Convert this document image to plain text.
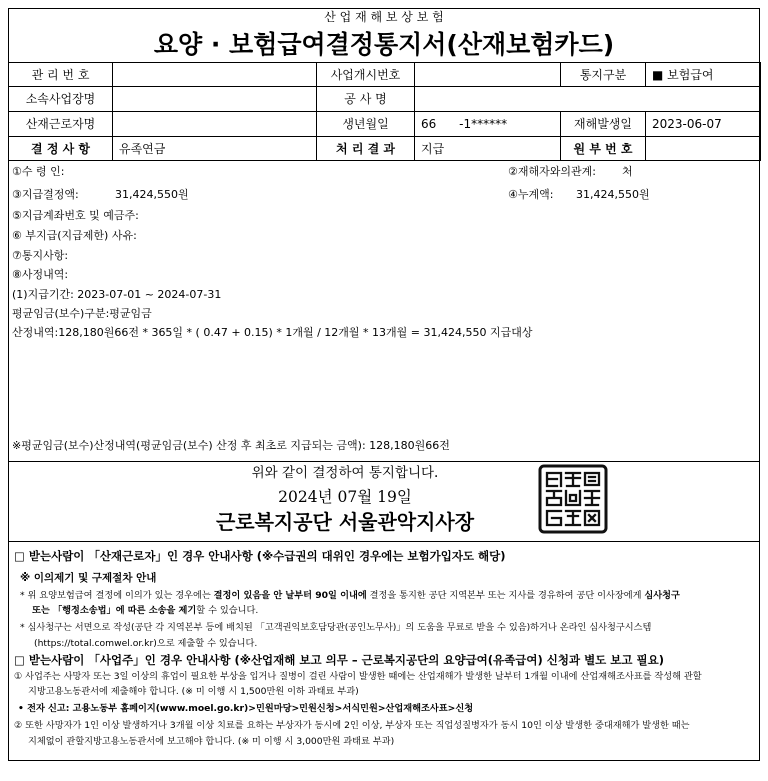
산 업 재 해 보 상 보 험
요양 · 보험급여결정통지서(산재보험카드)
관 리 번 호		사업개시번호		통지구분	■ 보험급여
소속사업장명		공 사 명			
산재근로자명		생년월일	66      -1******	재해발생일	2023-06-07
결 정 사 항	유족연금	처 리 결 과	지급	원 부 번 호	
①수 령 인:	②재해자와의관계: 처
③지급결정액:	31,424,550원	④누계액: 31,424,550원
⑤지급계좌번호 및 예금주:
⑥ 부지급(지급제한) 사유:
⑦통지사항:
⑧사정내역:
(1)지급기간: 2023-07-01 ~ 2024-07-31
평균임금(보수)구분:평균임금
산정내역:128,180원66전 * 365일 * ( 0.47 + 0.15) * 1개월 / 12개월 * 13개월 = 31,424,550 지급대상
※평균임금(보수)산정내역(평균임금(보수) 산정 후 최초로 지급되는 금액): 128,180원66전
위와 같이 결정하여 통지합니다.
2024년 07월 19일
근로복지공단 서울관악지사장
□ 받는사람이 「산재근로자」인 경우 안내사항 (※수급권의 대위인 경우에는 보험가입자도 해당)
※ 이의제기 및 구제절차 안내
* 위 요양보험급여 결정에 이의가 있는 경우에는 결정이 있음을 안 날부터 90일 이내에 결정을 통지한 공단 지역본부 또는 지사를 경유하여 공단 이사장에게 심사청구
또는 「행정소송법」에 따른 소송을 제기할 수 있습니다.
* 심사청구는 서면으로 작성(공단 각 지역본부 등에 배치된 「고객권익보호담당관(공인노무사)」의 도움을 무료로 받을 수 있음)하거나 온라인 심사청구시스템
(https://total.comwel.or.kr)으로 제출할 수 있습니다.
□ 받는사람이 「사업주」인 경우 안내사항 (※산업재해 보고 의무 – 근로복지공단의 요양급여(유족급여) 신청과 별도 보고 필요)
① 사업주는 사망자 또는 3일 이상의 휴업이 필요한 부상을 입거나 질병이 걸린 사람이 발생한 때에는 산업재해가 발생한 날부터 1개월 이내에 산업재해조사표를 작성해 관할
지방고용노동관서에 제출해야 합니다. (※ 미 이행 시 1,500만원 이하 과태료 부과)
• 전자 신고: 고용노동부 홈페이지(www.moel.go.kr)>민원마당>민원신청>서식민원>산업재해조사표>신청
② 또한 사망자가 1인 이상 발생하거나 3개월 이상 치료를 요하는 부상자가 동시에 2인 이상, 부상자 또는 직업성질병자가 동시 10인 이상 발생한 중대재해가 발생한 때는
지체없이 관할지방고용노동관서에 보고해야 합니다. (※ 미 이행 시 3,000만원 과태료 부과)
